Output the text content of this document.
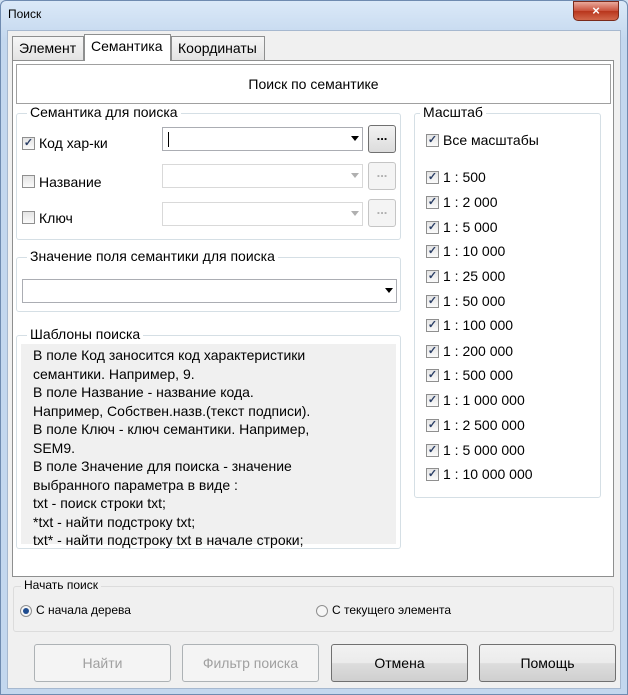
Поиск	×
Элемент	Семантика	Координаты
Поиск по семантике
Семантика для поиска
✓ Код хар-ки	...
Название
...
Ключ
...
Значение поля семантики для поиска
Шаблоны поиска
В поле Код заносится код характеристики
семантики. Например, 9.
В поле Название - название кода.
Например, Собствен.назв.(текст подписи).
В поле Ключ - ключ семантики. Например,
SEM9.
В поле Значение для поиска - значение
выбранного параметра в виде :
txt - поиск строки txt;
*txt - найти подстроку txt;
txt* - найти подстроку txt в начале строки;
Масштаб
✓ Все масштабы
✓ 1 : 500
✓ 1 : 2 000
✓ 1 : 5 000
✓ 1 : 10 000
✓ 1 : 25 000
✓ 1 : 50 000
✓ 1 : 100 000
✓ 1 : 200 000
✓ 1 : 500 000
✓ 1 : 1 000 000
✓ 1 : 2 500 000
✓ 1 : 5 000 000
✓ 1 : 10 000 000
Начать поиск
С начала дерева	С текущего элемента
Найти	Фильтр поиска	Отмена	Помощь
